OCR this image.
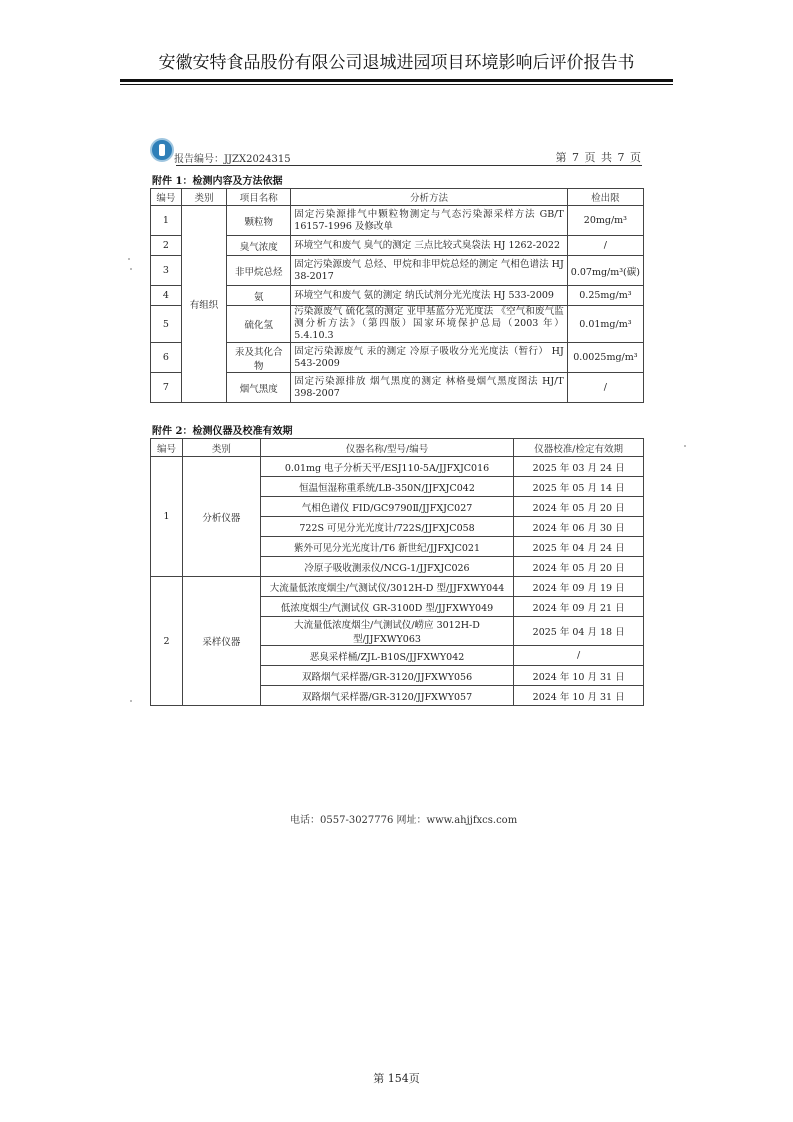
安徽安特食品股份有限公司退城进园项目环境影响后评价报告书
报告编号：JJZX2024315	第 7 页 共 7 页
附件 1：检测内容及方法依据
编号	类别	项目名称	分析方法	检出限
1	有组织	颗粒物	固定污染源排气中颗粒物测定与气态污染源采样方法 GB/T 16157-1996 及修改单	20mg/m³
2		臭气浓度	环境空气和废气 臭气的测定 三点比较式臭袋法 HJ 1262-2022	/
3		非甲烷总烃	固定污染源废气 总烃、甲烷和非甲烷总烃的测定 气相色谱法 HJ 38-2017	0.07mg/m³(碳)
4		氨	环境空气和废气 氨的测定 纳氏试剂分光光度法 HJ 533-2009	0.25mg/m³
5		硫化氢	污染源废气 硫化氢的测定 亚甲基蓝分光光度法 《空气和废气监测分析方法》（第四版）国家环境保护总局（2003 年）5.4.10.3	0.01mg/m³
6		汞及其化合物	固定污染源废气 汞的测定 冷原子吸收分光光度法（暂行） HJ 543-2009	0.0025mg/m³
7		烟气黑度	固定污染源排放 烟气黑度的测定 林格曼烟气黑度图法 HJ/T 398-2007	/
附件 2：检测仪器及校准有效期
编号	类别	仪器名称/型号/编号	仪器校准/检定有效期
1	分析仪器	0.01mg 电子分析天平/ESJ110-5A/JJFXJC016	2025 年 03 月 24 日
		恒温恒湿称重系统/LB-350N/JJFXJC042	2025 年 05 月 14 日
		气相色谱仪 FID/GC9790Ⅱ/JJFXJC027	2024 年 05 月 20 日
		722S 可见分光光度计/722S/JJFXJC058	2024 年 06 月 30 日
		紫外可见分光光度计/T6 新世纪/JJFXJC021	2025 年 04 月 24 日
		冷原子吸收测汞仪/NCG-1/JJFXJC026	2024 年 05 月 20 日
2	采样仪器	大流量低浓度烟尘/气测试仪/3012H-D 型/JJFXWY044	2024 年 09 月 19 日
		低浓度烟尘/气测试仪 GR-3100D 型/JJFXWY049	2024 年 09 月 21 日
		大流量低浓度烟尘/气测试仪/崂应 3012H-D 型/JJFXWY063	2025 年 04 月 18 日
		恶臭采样桶/ZJL-B10S/JJFXWY042	/
		双路烟气采样器/GR-3120/JJFXWY056	2024 年 10 月 31 日
		双路烟气采样器/GR-3120/JJFXWY057	2024 年 10 月 31 日
电话：0557-3027776 网址：www.ahjjfxcs.com
第 154页
